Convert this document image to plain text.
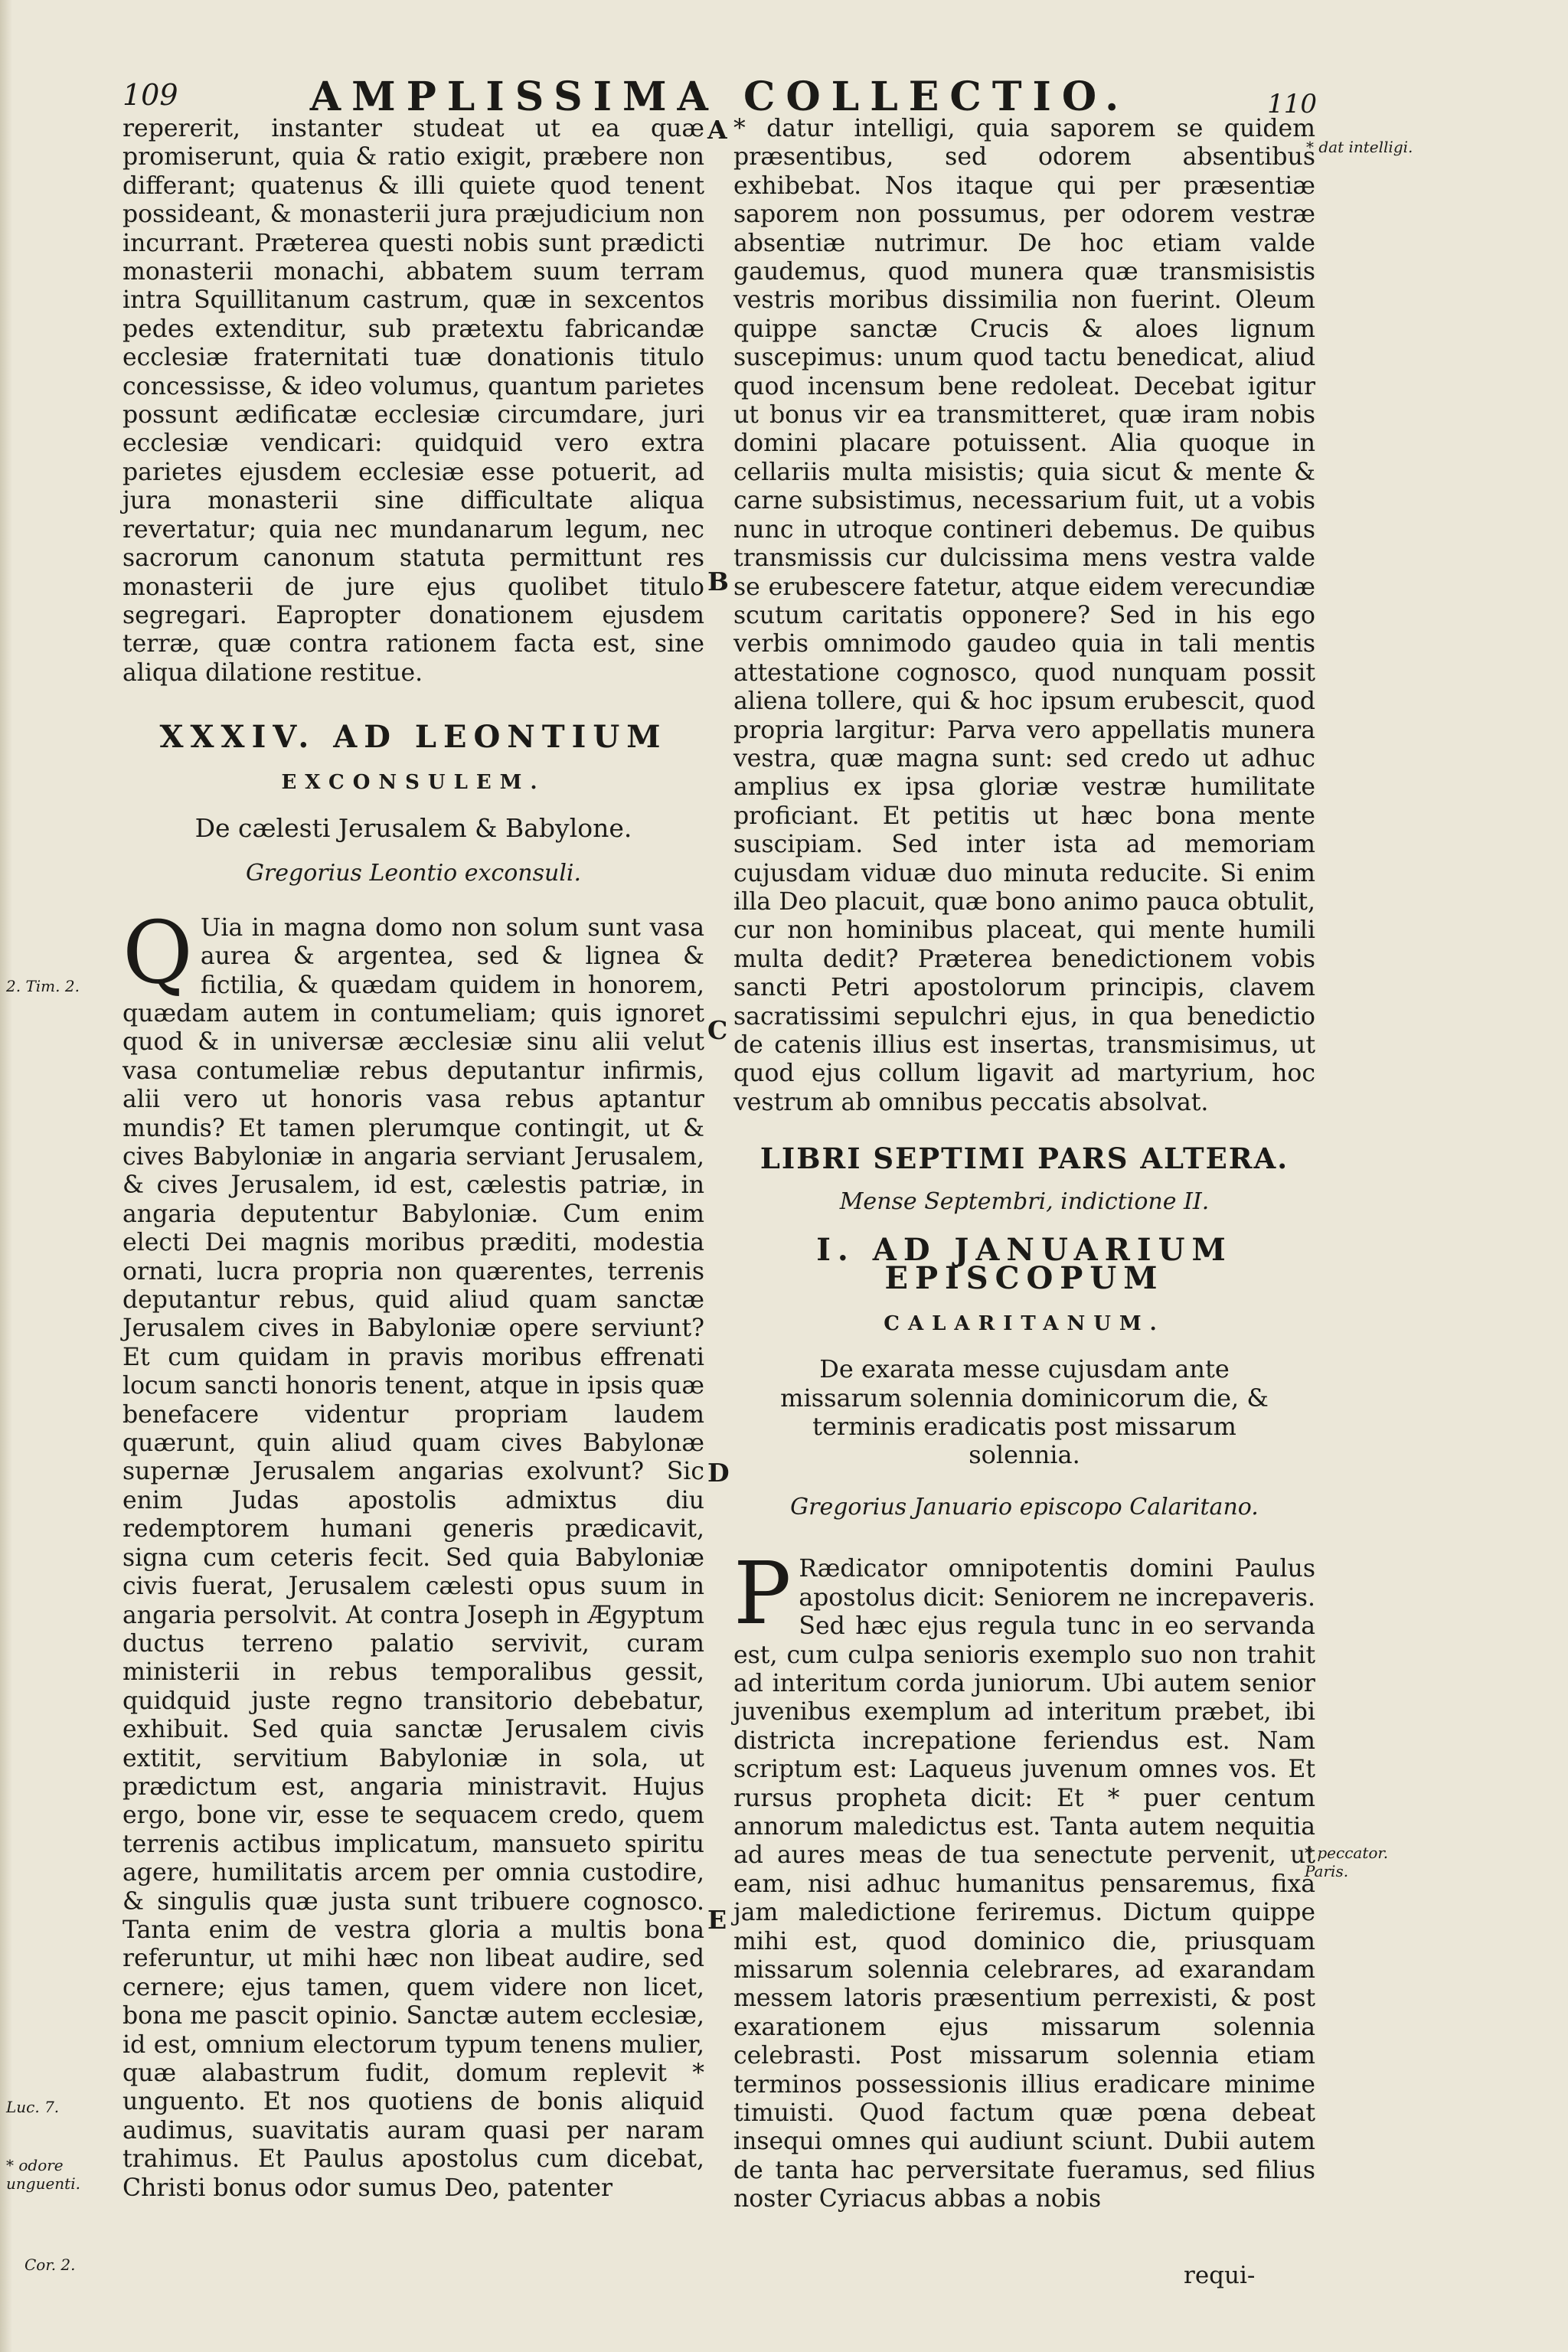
109	AMPLISSIMA COLLECTIO.	110

repererit, instanter studeat ut ea quæ promiserunt, quia & ratio exigit, præbere non differant; quatenus & illi quiete quod tenent possideant, & monasterii jura præjudicium non incurrant. Præterea questi nobis sunt prædicti monasterii monachi, abbatem suum terram intra Squillitanum castrum, quæ in sexcentos pedes extenditur, sub prætextu fabricandæ ecclesiæ fraternitati tuæ donationis titulo concessisse, & ideo volumus, quantum parietes possunt ædificatæ ecclesiæ circumdare, juri ecclesiæ vendicari: quidquid vero extra parietes ejusdem ecclesiæ esse potuerit, ad jura monasterii sine difficultate aliqua revertatur; quia nec mundanarum legum, nec sacrorum canonum statuta permittunt res monasterii de jure ejus quolibet titulo segregari. Eapropter donationem ejusdem terræ, quæ contra rationem facta est, sine aliqua dilatione restitue.

XXXIV. AD LEONTIUM
EXCONSULEM.
De cælesti Jerusalem & Babylone.
Gregorius Leontio exconsuli.

Q Uia in magna domo non solum sunt vasa aurea & argentea, sed & lignea & fictilia, & quædam quidem in honorem, quædam autem in contumeliam; quis ignoret quod & in universæ æcclesiæ sinu alii velut vasa contumeliæ rebus deputantur infirmis, alii vero ut honoris vasa rebus aptantur mundis? Et tamen plerumque contingit, ut & cives Babyloniæ in angaria serviant Jerusalem, & cives Jerusalem, id est, cælestis patriæ, in angaria deputentur Babyloniæ. Cum enim electi Dei magnis moribus præditi, modestia ornati, lucra propria non quærentes, terrenis deputantur rebus, quid aliud quam sanctæ Jerusalem cives in Babyloniæ opere serviunt? Et cum quidam in pravis moribus effrenati locum sancti honoris tenent, atque in ipsis quæ benefacere videntur propriam laudem quærunt, quin aliud quam cives Babylonæ supernæ Jerusalem angarias exolvunt? Sic enim Judas apostolis admixtus diu redemptorem humani generis prædicavit, signa cum ceteris fecit. Sed quia Babyloniæ civis fuerat, Jerusalem cælesti opus suum in angaria persolvit. At contra Joseph in Ægyptum ductus terreno palatio servivit, curam ministerii in rebus temporalibus gessit, quidquid juste regno transitorio debebatur, exhibuit. Sed quia sanctæ Jerusalem civis extitit, servitium Babyloniæ in sola, ut prædictum est, angaria ministravit. Hujus ergo, bone vir, esse te sequacem credo, quem terrenis actibus implicatum, mansueto spiritu agere, humilitatis arcem per omnia custodire, & singulis quæ justa sunt tribuere cognosco. Tanta enim de vestra gloria a multis bona referuntur, ut mihi hæc non libeat audire, sed cernere; ejus tamen, quem videre non licet, bona me pascit opinio. Sanctæ autem ecclesiæ, id est, omnium electorum typum tenens mulier, quæ alabastrum fudit, domum replevit * unguento. Et nos quotiens de bonis aliquid audimus, suavitatis auram quasi per naram trahimus. Et Paulus apostolus cum dicebat, Christi bonus odor sumus Deo, patenter

* datur intelligi, quia saporem se quidem præsentibus, sed odorem absentibus exhibebat. Nos itaque qui per præsentiæ saporem non possumus, per odorem vestræ absentiæ nutrimur. De hoc etiam valde gaudemus, quod munera quæ transmisistis vestris moribus dissimilia non fuerint. Oleum quippe sanctæ Crucis & aloes lignum suscepimus: unum quod tactu benedicat, aliud quod incensum bene redoleat. Decebat igitur ut bonus vir ea transmitteret, quæ iram nobis domini placare potuissent. Alia quoque in cellariis multa misistis; quia sicut & mente & carne subsistimus, necessarium fuit, ut a vobis nunc in utroque contineri debemus. De quibus transmissis cur dulcissima mens vestra valde se erubescere fatetur, atque eidem verecundiæ scutum caritatis opponere? Sed in his ego verbis omnimodo gaudeo quia in tali mentis attestatione cognosco, quod nunquam possit aliena tollere, qui & hoc ipsum erubescit, quod propria largitur: Parva vero appellatis munera vestra, quæ magna sunt: sed credo ut adhuc amplius ex ipsa gloriæ vestræ humilitate proficiant. Et petitis ut hæc bona mente suscipiam. Sed inter ista ad memoriam cujusdam viduæ duo minuta reducite. Si enim illa Deo placuit, quæ bono animo pauca obtulit, cur non hominibus placeat, qui mente humili multa dedit? Præterea benedictionem vobis sancti Petri apostolorum principis, clavem sacratissimi sepulchri ejus, in qua benedictio de catenis illius est insertas, transmisimus, ut quod ejus collum ligavit ad martyrium, hoc vestrum ab omnibus peccatis absolvat.

LIBRI SEPTIMI PARS ALTERA.
Mense Septembri, indictione II.
I. AD JANUARIUM EPISCOPUM
CALARITANUM.
De exarata messe cujusdam ante missarum solennia dominicorum die, & terminis eradicatis post missarum solennia.
Gregorius Januario episcopo Calaritano.

P Rædicator omnipotentis domini Paulus apostolus dicit: Seniorem ne increpaveris. Sed hæc ejus regula tunc in eo servanda est, cum culpa senioris exemplo suo non trahit ad interitum corda juniorum. Ubi autem senior juvenibus exemplum ad interitum præbet, ibi districta increpatione feriendus est. Nam scriptum est: Laqueus juvenum omnes vos. Et rursus propheta dicit: Et * puer centum annorum maledictus est. Tanta autem nequitia ad aures meas de tua senectute pervenit, ut eam, nisi adhuc humanitus pensaremus, fixa jam maledictione feriremus. Dictum quippe mihi est, quod dominico die, priusquam missarum solennia celebrares, ad exarandam messem latoris præsentium perrexisti, & post exarationem ejus missarum solennia celebrasti. Post missarum solennia etiam terminos possessionis illius eradicare minime timuisti. Quod factum quæ pœna debeat insequi omnes qui audiunt sciunt. Dubii autem de tanta hac perversitate fueramus, sed filius noster Cyriacus abbas a nobis

requi-
A
B
C
D
E
* dat intelligi.
* peccator. Paris.
2. Tim. 2.
Luc. 7.
* odore unguenti.
Cor. 2.
